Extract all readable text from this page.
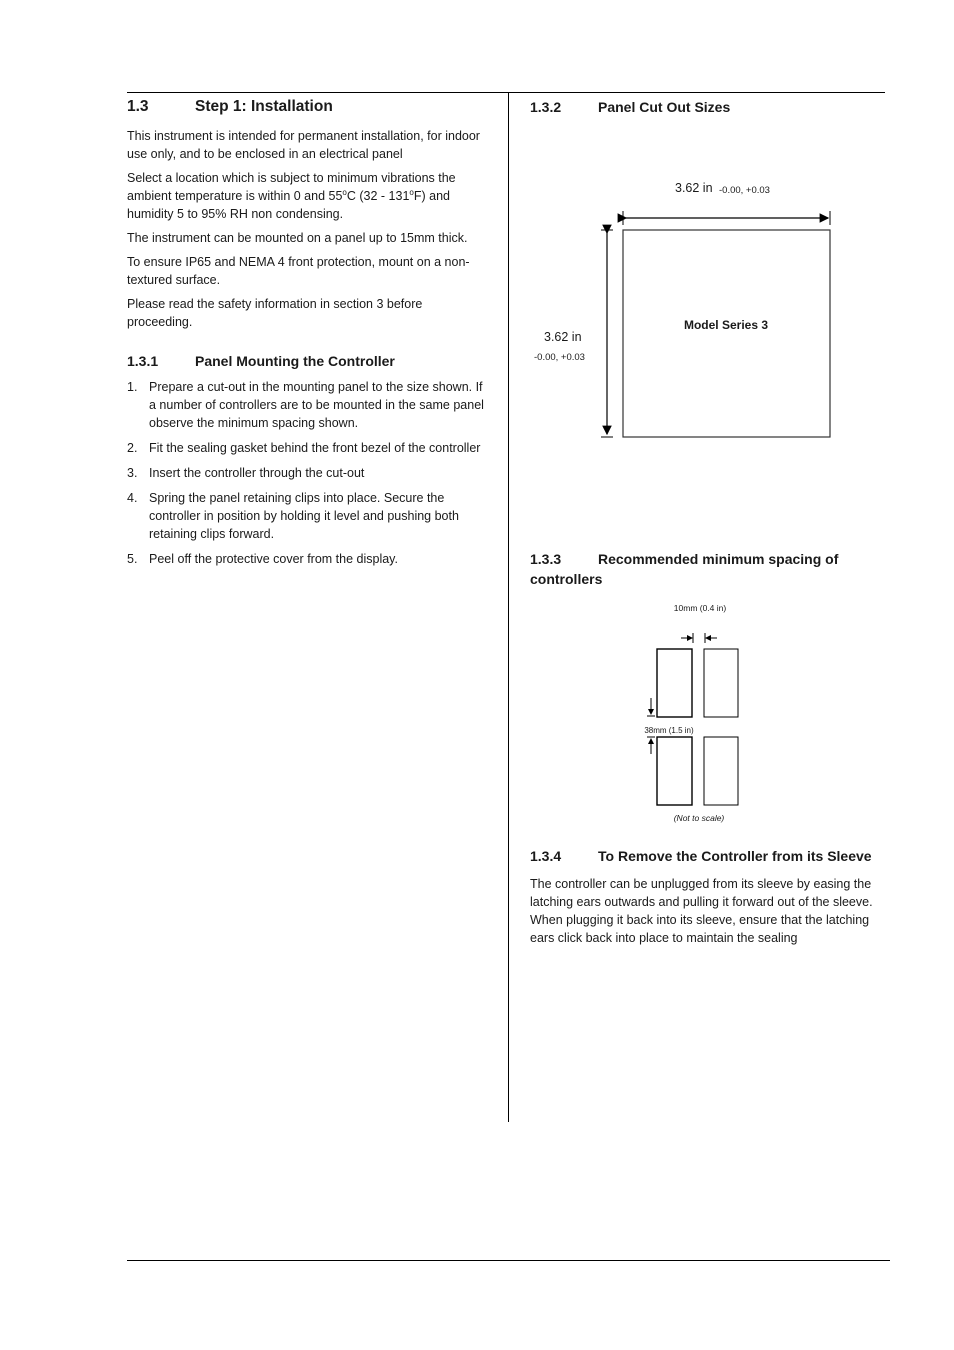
1.3	Step 1: Installation

This instrument is intended for permanent installation, for indoor use only, and to be enclosed in an electrical panel

Select a location which is subject to minimum vibrations the ambient temperature is within 0 and 55$^o$C (32 - 131$^o$F) and humidity 5 to 95% RH non condensing.

The instrument can be mounted on a panel up to 15mm thick.

To ensure IP65 and NEMA 4 front protection, mount on a non-textured surface.

Please read the safety information in section 3 before proceeding.

1.3.1	Panel Mounting the Controller
1. Prepare a cut-out in the mounting panel to the size shown. If a number of controllers are to be mounted in the same panel observe the minimum spacing shown.
2. Fit the sealing gasket behind the front bezel of the controller
3. Insert the controller through the cut-out
4. Spring the panel retaining clips into place. Secure the controller in position by holding it level and pushing both retaining clips forward.
5. Peel off the protective cover from the display.
1.3.2	Panel Cut Out Sizes
3.62 in -0.00, +0.03
Model Series 3
3.62 in
-0.00, +0.03
1.3.3	Recommended minimum spacing of controllers
10mm (0.4 in)
38mm (1.5 in)
(Not to scale)
1.3.4	To Remove the Controller from its Sleeve

The controller can be unplugged from its sleeve by easing the latching ears outwards and pulling it forward out of the sleeve. When plugging it back into its sleeve, ensure that the latching ears click back into place to maintain the sealing
